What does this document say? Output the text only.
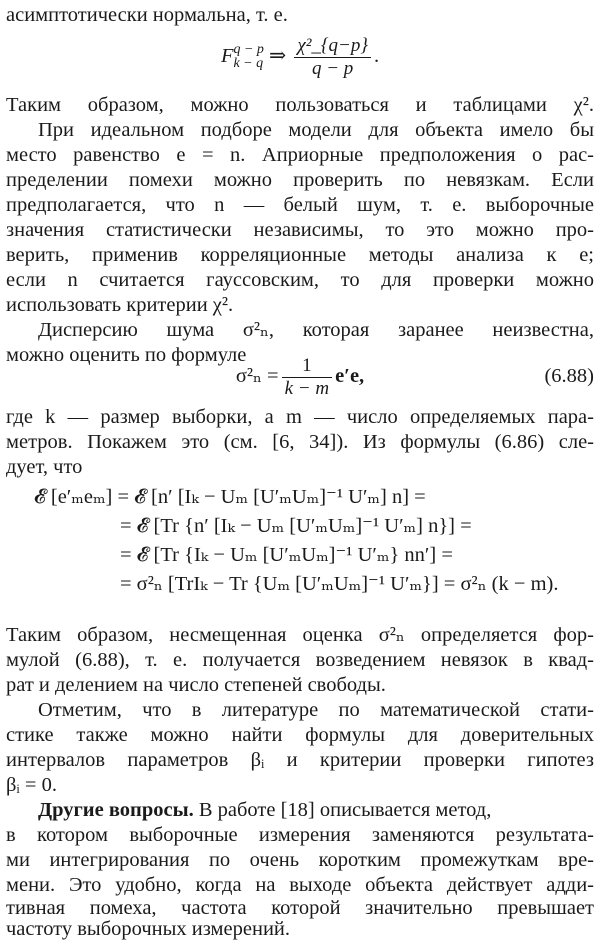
асимптотически нормальна, т. е.
F q − p
k − q ⇒ $\frac{\text{χ²\_\{q−p\}}}{q - p}$ .
Таким образом, можно пользоваться и таблицами χ².
При идеальном подборе модели для объекта имело бы
место равенство e = n. Априорные предположения о рас-
пределении помехи можно проверить по невязкам. Если
предполагается, что n — белый шум, т. е. выборочные
значения статистически независимы, то это можно про-
верить, применив корреляционные методы анализа к e;
если n считается гауссовским, то для проверки можно
использовать критерии χ².
Дисперсию шума σ²ₙ, которая заранее неизвестна,
можно оценить по формуле
$\sigma^2_n = \frac{1}{k - m} e'e$,	(6.88)
где k — размер выборки, а m — число определяемых пара-
метров. Покажем это (см. [6, 34]). Из формулы (6.86) сле-
дует, что
𝓔 [e′ₘeₘ] = 𝓔 [n′ [Iₖ − Uₘ [U′ₘUₘ]⁻¹ U′ₘ] n] =
= 𝓔 [Tr {n′ [Iₖ − Uₘ [U′ₘUₘ]⁻¹ U′ₘ] n}] =
= 𝓔 [Tr {Iₖ − Uₘ [U′ₘUₘ]⁻¹ U′ₘ} nn′] =
= σ²ₙ [TrIₖ − Tr {Uₘ [U′ₘUₘ]⁻¹ U′ₘ}] = σ²ₙ (k − m).
Таким образом, несмещенная оценка σ²ₙ определяется фор-
мулой (6.88), т. е. получается возведением невязок в квад-
рат и делением на число степеней свободы.
Отметим, что в литературе по математической стати-
стике также можно найти формулы для доверительных
интервалов параметров βᵢ и критерии проверки гипотез
βᵢ = 0.
Другие вопросы. В работе [18] описывается метод,
в котором выборочные измерения заменяются результата-
ми интегрирования по очень коротким промежуткам вре-
мени. Это удобно, когда на выходе объекта действует адди-
тивная помеха, частота которой значительно превышает
частоту выборочных измерений.
